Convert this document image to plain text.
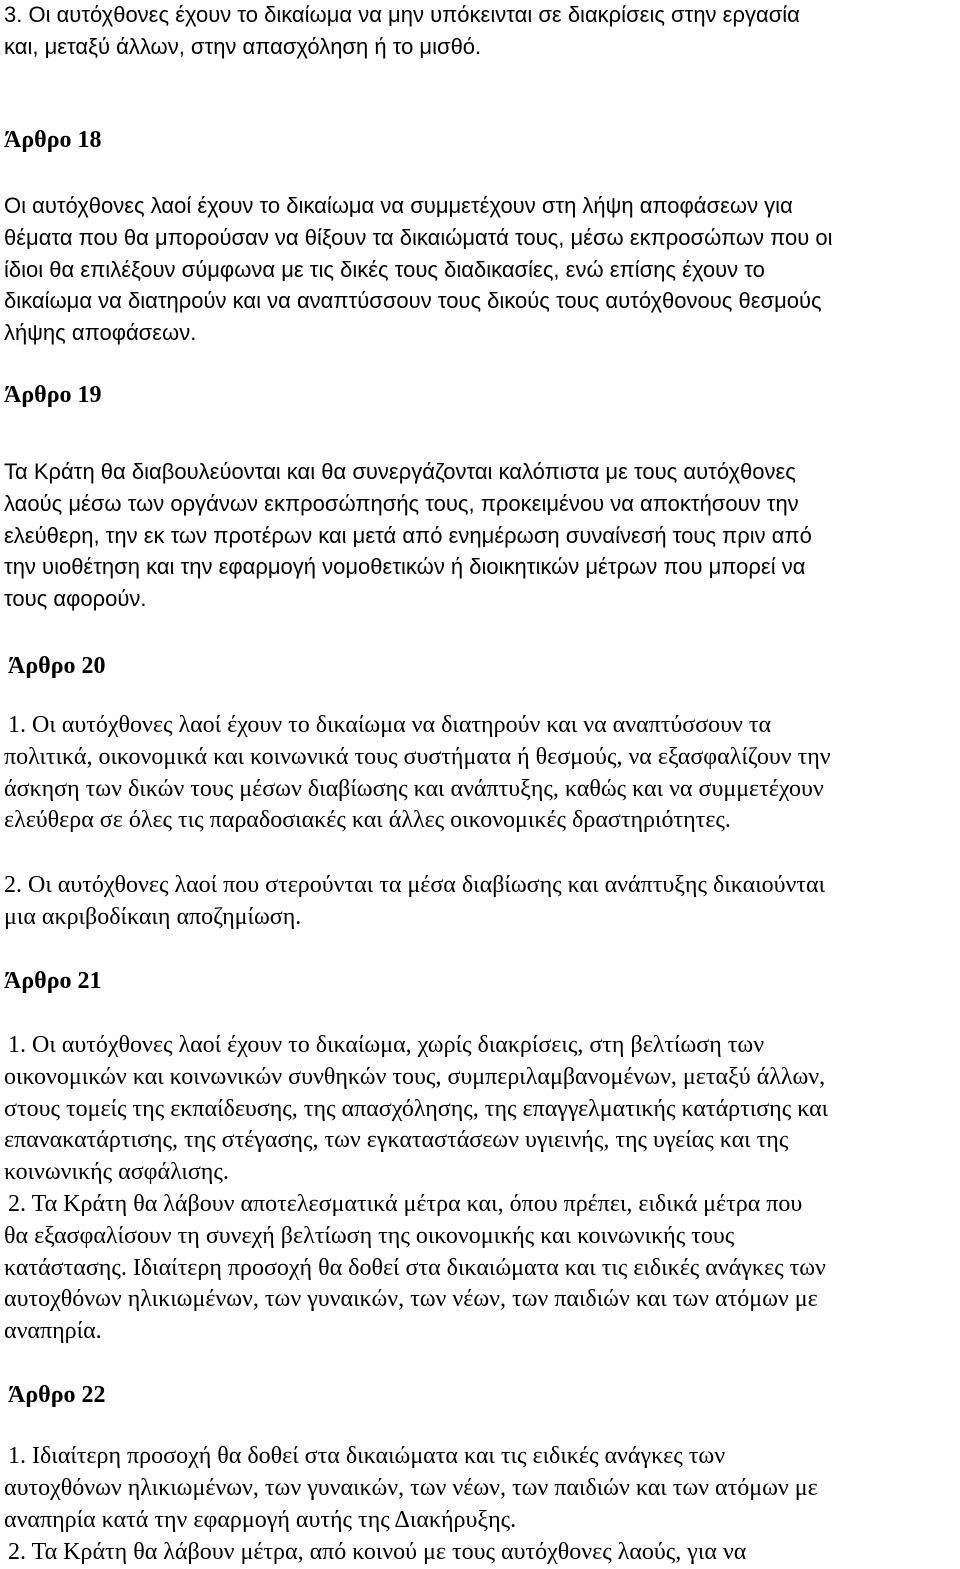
3. Οι αυτόχθονες έχουν το δικαίωμα να μην υπόκεινται σε διακρίσεις στην εργασία
και, μεταξύ άλλων, στην απασχόληση ή το μισθό.
Άρθρο 18
Οι αυτόχθονες λαοί έχουν το δικαίωμα να συμμετέχουν στη λήψη αποφάσεων για
θέματα που θα μπορούσαν να θίξουν τα δικαιώματά τους, μέσω εκπροσώπων που οι
ίδιοι θα επιλέξουν σύμφωνα με τις δικές τους διαδικασίες, ενώ επίσης έχουν το
δικαίωμα να διατηρούν και να αναπτύσσουν τους δικούς τους αυτόχθονους θεσμούς
λήψης αποφάσεων.
Άρθρο 19
Τα Κράτη θα διαβουλεύονται και θα συνεργάζονται καλόπιστα με τους αυτόχθονες
λαούς μέσω των οργάνων εκπροσώπησής τους, προκειμένου να αποκτήσουν την
ελεύθερη, την εκ των προτέρων και μετά από ενημέρωση συναίνεσή τους πριν από
την υιοθέτηση και την εφαρμογή νομοθετικών ή διοικητικών μέτρων που μπορεί να
τους αφορούν.
Άρθρο 20
1. Οι αυτόχθονες λαοί έχουν το δικαίωμα να διατηρούν και να αναπτύσσουν τα
πολιτικά, οικονομικά και κοινωνικά τους συστήματα ή θεσμούς, να εξασφαλίζουν την
άσκηση των δικών τους μέσων διαβίωσης και ανάπτυξης, καθώς και να συμμετέχουν
ελεύθερα σε όλες τις παραδοσιακές και άλλες οικονομικές δραστηριότητες.
2. Οι αυτόχθονες λαοί που στερούνται τα μέσα διαβίωσης και ανάπτυξης δικαιούνται
μια ακριβοδίκαιη αποζημίωση.
Άρθρο 21
1. Οι αυτόχθονες λαοί έχουν το δικαίωμα, χωρίς διακρίσεις, στη βελτίωση των
οικονομικών και κοινωνικών συνθηκών τους, συμπεριλαμβανομένων, μεταξύ άλλων,
στους τομείς της εκπαίδευσης, της απασχόλησης, της επαγγελματικής κατάρτισης και
επανακατάρτισης, της στέγασης, των εγκαταστάσεων υγιεινής, της υγείας και της
κοινωνικής ασφάλισης.
2. Τα Κράτη θα λάβουν αποτελεσματικά μέτρα και, όπου πρέπει, ειδικά μέτρα που
θα εξασφαλίσουν τη συνεχή βελτίωση της οικονομικής και κοινωνικής τους
κατάστασης. Ιδιαίτερη προσοχή θα δοθεί στα δικαιώματα και τις ειδικές ανάγκες των
αυτοχθόνων ηλικιωμένων, των γυναικών, των νέων, των παιδιών και των ατόμων με
αναπηρία.
Άρθρο 22
1. Ιδιαίτερη προσοχή θα δοθεί στα δικαιώματα και τις ειδικές ανάγκες των
αυτοχθόνων ηλικιωμένων, των γυναικών, των νέων, των παιδιών και των ατόμων με
αναπηρία κατά την εφαρμογή αυτής της Διακήρυξης.
2. Τα Κράτη θα λάβουν μέτρα, από κοινού με τους αυτόχθονες λαούς, για να
